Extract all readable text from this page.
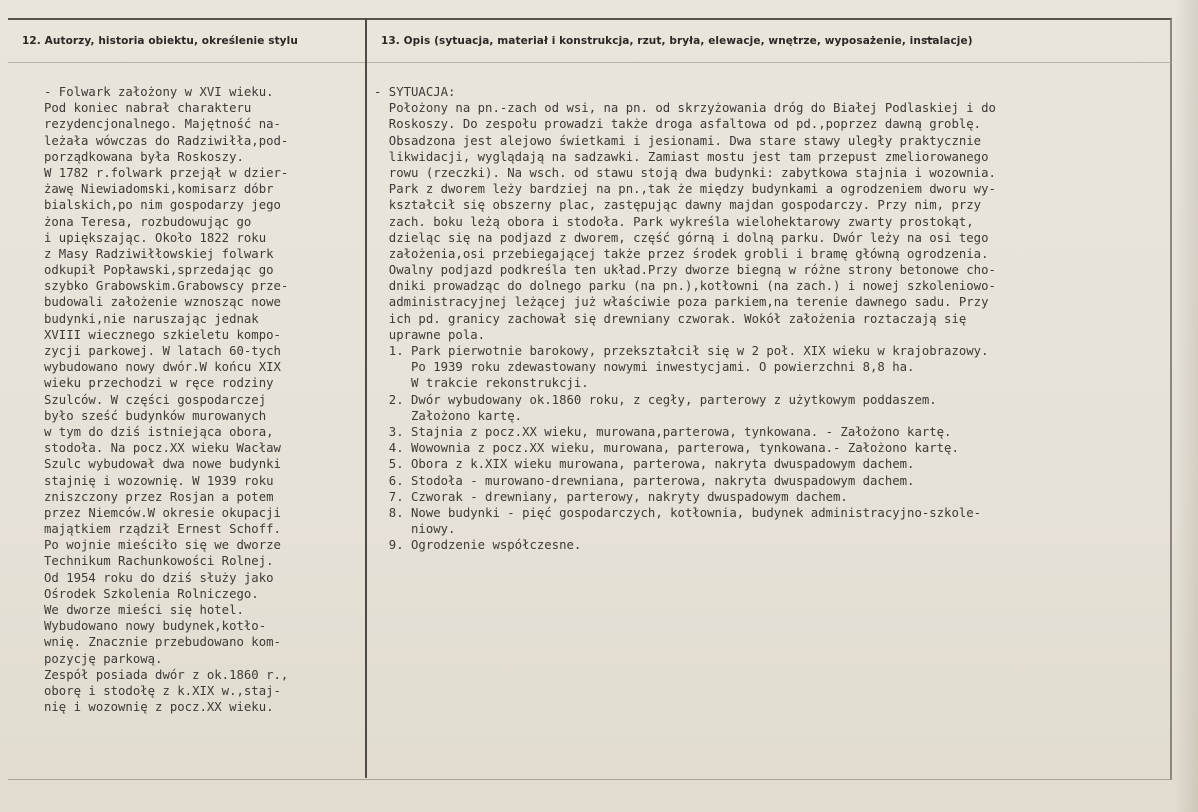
12. Autorzy, historia obiektu, określenie stylu	13. Opis (sytuacja, materiał i konstrukcja, rzut, bryła, elewacje, wnętrze, wyposażenie, instalacje)
- Folwark założony w XVI wieku.
Pod koniec nabrał charakteru
rezydencjonalnego. Majętność na-
leżała wówczas do Radziwiłła,pod-
porządkowana była Roskoszy.
W 1782 r.folwark przejął w dzier-
żawę Niewiadomski,komisarz dóbr
bialskich,po nim gospodarzy jego
żona Teresa, rozbudowując go
i upiększając. Około 1822 roku
z Masy Radziwiłłowskiej folwark
odkupił Popławski,sprzedając go
szybko Grabowskim.Grabowscy prze-
budowali założenie wznosząc nowe
budynki,nie naruszając jednak
XVIII wiecznego szkieletu kompo-
zycji parkowej. W latach 60-tych
wybudowano nowy dwór.W końcu XIX
wieku przechodzi w ręce rodziny
Szulców. W części gospodarczej
było sześć budynków murowanych
w tym do dziś istniejąca obora,
stodoła. Na pocz.XX wieku Wacław
Szulc wybudował dwa nowe budynki
stajnię i wozownię. W 1939 roku
zniszczony przez Rosjan a potem
przez Niemców.W okresie okupacji
majątkiem rządził Ernest Schoff.
Po wojnie mieściło się we dworze
Technikum Rachunkowości Rolnej.
Od 1954 roku do dziś służy jako
Ośrodek Szkolenia Rolniczego.
We dworze mieści się hotel.
Wybudowano nowy budynek,kotło-
wnię. Znacznie przebudowano kom-
pozycję parkową.
Zespół posiada dwór z ok.1860 r.,
oborę i stodołę z k.XIX w.,staj-
nię i wozownię z pocz.XX wieku.
- SYTUACJA:
Położony na pn.-zach od wsi, na pn. od skrzyżowania dróg do Białej Podlaskiej i do
Roskoszy. Do zespołu prowadzi także droga asfaltowa od pd.,poprzez dawną groblę.
Obsadzona jest alejowo świetkami i jesionami. Dwa stare stawy uległy praktycznie
likwidacji, wyglądają na sadzawki. Zamiast mostu jest tam przepust zmeliorowanego
rowu (rzeczki). Na wsch. od stawu stoją dwa budynki: zabytkowa stajnia i wozownia.
Park z dworem leży bardziej na pn.,tak że między budynkami a ogrodzeniem dworu wy-
kształcił się obszerny plac, zastępując dawny majdan gospodarczy. Przy nim, przy
zach. boku leżą obora i stodoła. Park wykreśla wielohektarowy zwarty prostokąt,
dzieląc się na podjazd z dworem, część górną i dolną parku. Dwór leży na osi tego
założenia,osi przebiegającej także przez środek grobli i bramę główną ogrodzenia.
Owalny podjazd podkreśla ten układ.Przy dworze biegną w różne strony betonowe cho-
dniki prowadząc do dolnego parku (na pn.),kotłowni (na zach.) i nowej szkoleniowo-
administracyjnej leżącej już właściwie poza parkiem,na terenie dawnego sadu. Przy
ich pd. granicy zachował się drewniany czworak. Wokół założenia roztaczają się
uprawne pola.
1. Park pierwotnie barokowy, przekształcił się w 2 poł. XIX wieku w krajobrazowy.
Po 1939 roku zdewastowany nowymi inwestycjami. O powierzchni 8,8 ha.
W trakcie rekonstrukcji.
2. Dwór wybudowany ok.1860 roku, z cegły, parterowy z użytkowym poddaszem.
Założono kartę.
3. Stajnia z pocz.XX wieku, murowana,parterowa, tynkowana. - Założono kartę.
4. Wowownia z pocz.XX wieku, murowana, parterowa, tynkowana.- Założono kartę.
5. Obora z k.XIX wieku murowana, parterowa, nakryta dwuspadowym dachem.
6. Stodoła - murowano-drewniana, parterowa, nakryta dwuspadowym dachem.
7. Czworak - drewniany, parterowy, nakryty dwuspadowym dachem.
8. Nowe budynki - pięć gospodarczych, kotłownia, budynek administracyjno-szkole-
niowy.
9. Ogrodzenie współczesne.
